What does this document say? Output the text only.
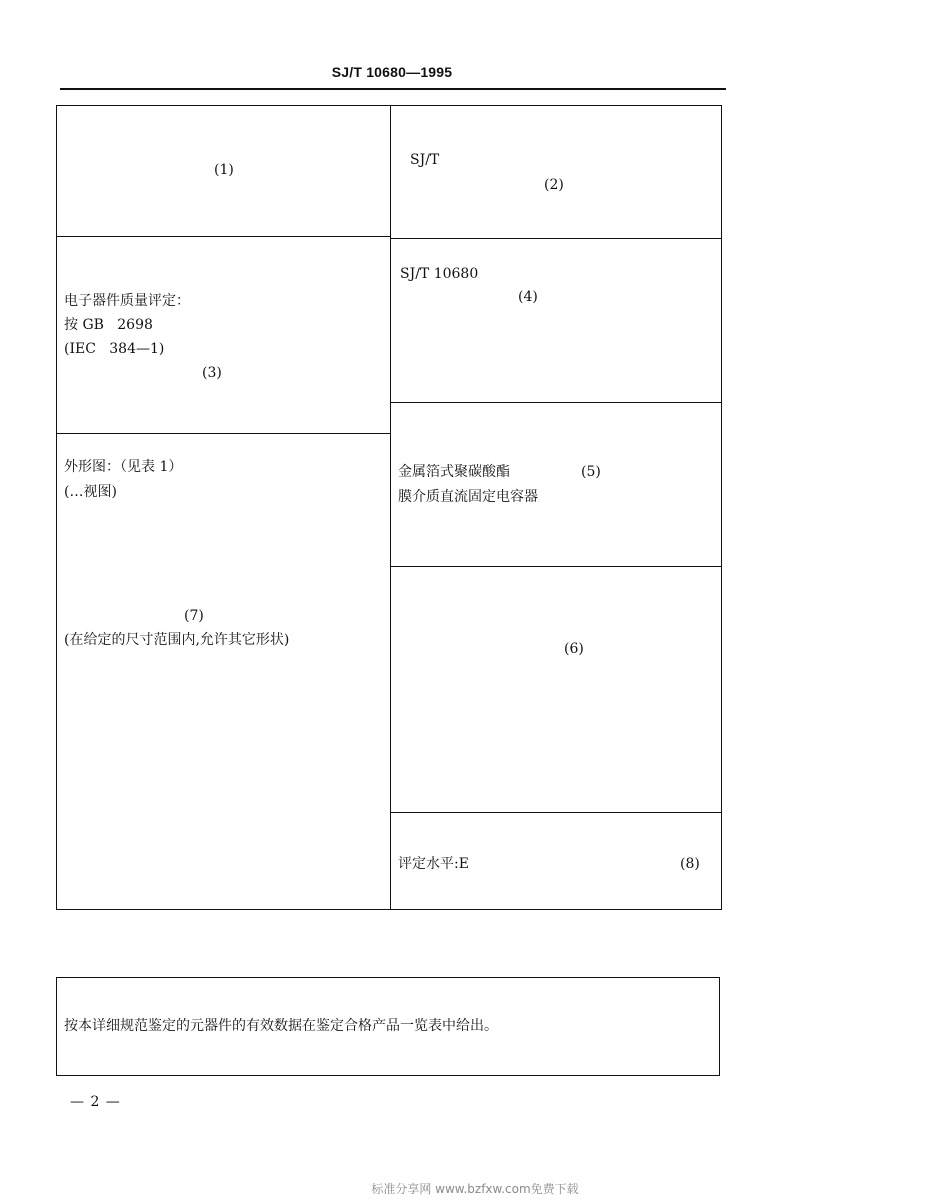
SJ/T 10680—1995
(1)
SJ/T
(2)
电子器件质量评定：
按 GB   2698
(IEC   384—1)
(3)
SJ/T 10680
(4)
金属箔式聚碳酸酯
膜介质直流固定电容器
(5)
(6)
外形图：（见表 1）
(…视图)
(7)
(在给定的尺寸范围内,允许其它形状)
评定水平:E	(8)
按本详细规范鉴定的元器件的有效数据在鉴定合格产品一览表中给出。
— 2 —
标准分享网 www.bzfxw.com免费下载
